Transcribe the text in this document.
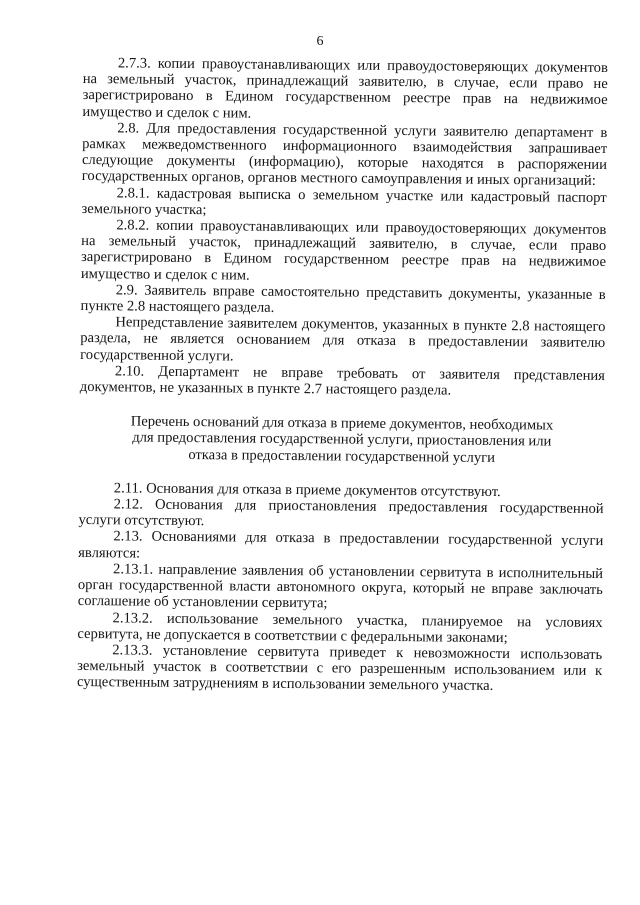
6

2.7.3. копии правоустанавливающих или правоудостоверяющих документов на земельный участок, принадлежащий заявителю, в случае, если право не зарегистрировано в Едином государственном реестре прав на недвижимое имущество и сделок с ним.

2.8. Для предоставления государственной услуги заявителю департамент в рамках межведомственного информационного взаимодействия запрашивает следующие документы (информацию), которые находятся в распоряжении государственных органов, органов местного самоуправления и иных организаций:

2.8.1. кадастровая выписка о земельном участке или кадастровый паспорт земельного участка;

2.8.2. копии правоустанавливающих или правоудостоверяющих документов на земельный участок, принадлежащий заявителю, в случае, если право зарегистрировано в Едином государственном реестре прав на недвижимое имущество и сделок с ним.

2.9. Заявитель вправе самостоятельно представить документы, указанные в пункте 2.8 настоящего раздела.

Непредставление заявителем документов, указанных в пункте 2.8 настоящего раздела, не является основанием для отказа в предоставлении заявителю государственной услуги.

2.10. Департамент не вправе требовать от заявителя представления документов, не указанных в пункте 2.7 настоящего раздела.

Перечень оснований для отказа в приеме документов, необходимых для предоставления государственной услуги, приостановления или отказа в предоставлении государственной услуги

2.11. Основания для отказа в приеме документов отсутствуют.

2.12. Основания для приостановления предоставления государственной услуги отсутствуют.

2.13. Основаниями для отказа в предоставлении государственной услуги являются:

2.13.1. направление заявления об установлении сервитута в исполнительный орган государственной власти автономного округа, который не вправе заключать соглашение об установлении сервитута;

2.13.2. использование земельного участка, планируемое на условиях сервитута, не допускается в соответствии с федеральными законами;

2.13.3. установление сервитута приведет к невозможности использовать земельный участок в соответствии с его разрешенным использованием или к существенным затруднениям в использовании земельного участка.
